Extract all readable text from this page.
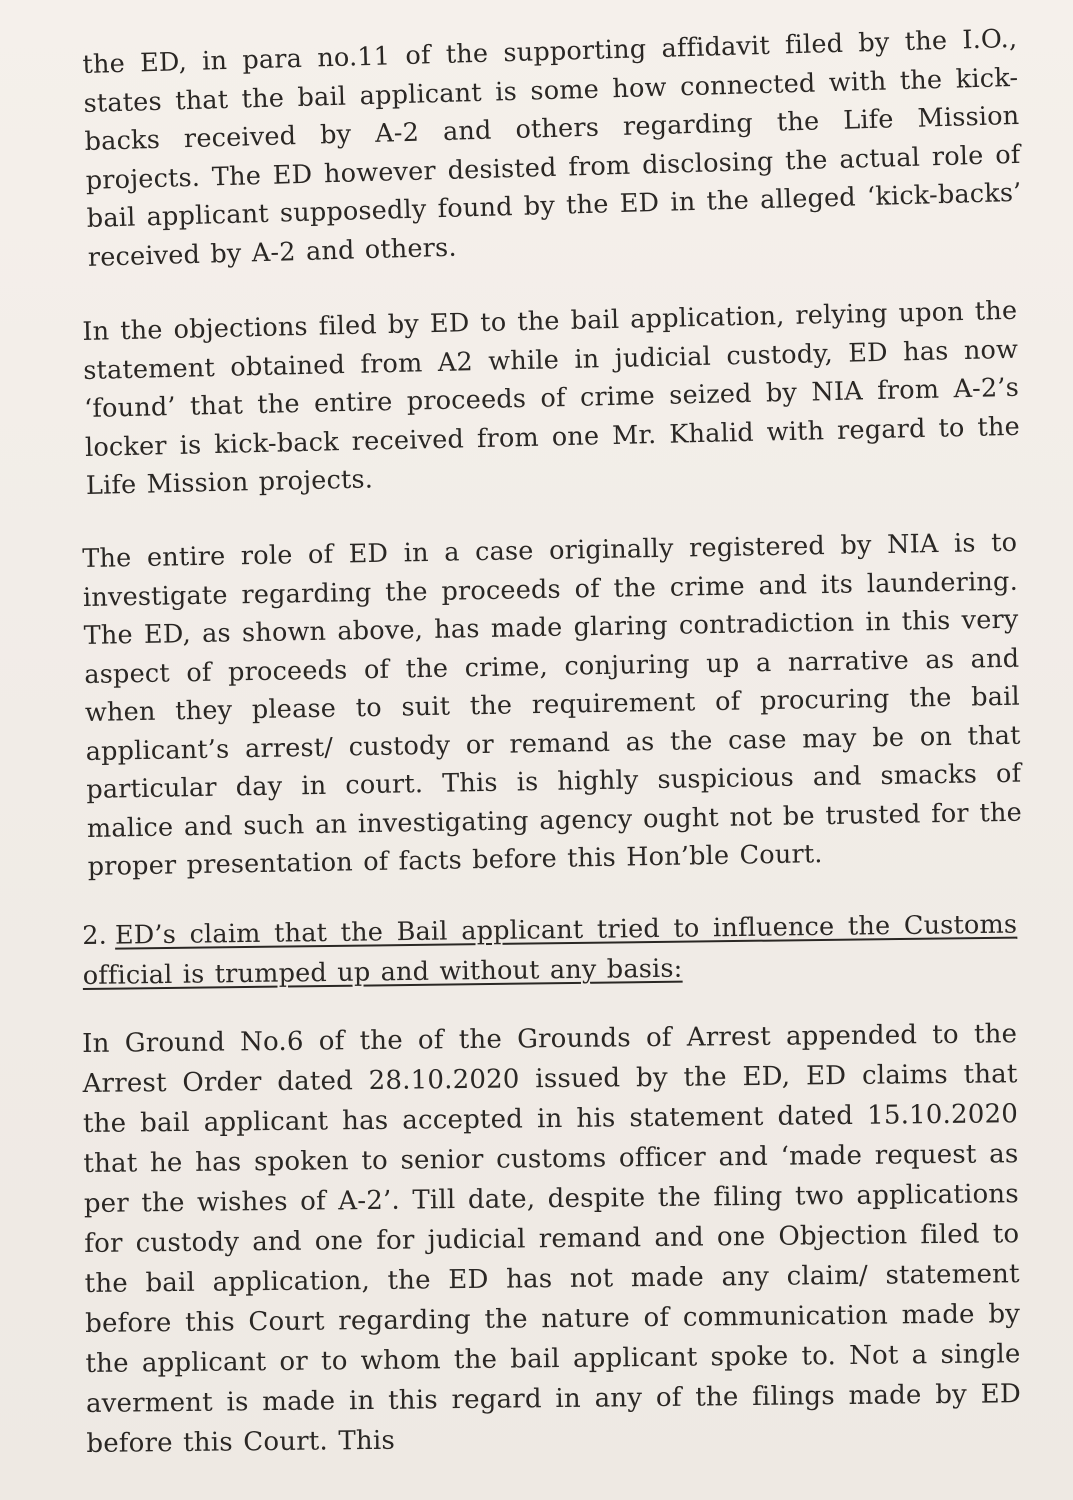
the ED, in para no.11 of the supporting affidavit filed by the I.O., states that the bail applicant is some how connected with the kick-backs received by A-2 and others regarding the Life Mission projects. The ED however desisted from disclosing the actual role of bail applicant supposedly found by the ED in the alleged ‘kick-backs’ received by A-2 and others.

In the objections filed by ED to the bail application, relying upon the statement obtained from A2 while in judicial custody, ED has now ‘found’ that the entire proceeds of crime seized by NIA from A-2’s locker is kick-back received from one Mr. Khalid with regard to the Life Mission projects.

The entire role of ED in a case originally registered by NIA is to investigate regarding the proceeds of the crime and its laundering. The ED, as shown above, has made glaring contradiction in this very aspect of proceeds of the crime, conjuring up a narrative as and when they please to suit the requirement of procuring the bail applicant’s arrest/ custody or remand as the case may be on that particular day in court. This is highly suspicious and smacks of malice and such an investigating agency ought not be trusted for the proper presentation of facts before this Hon’ble Court.

2. ED’s claim that the Bail applicant tried to influence the Customs official is trumped up and without any basis:

In Ground No.6 of the of the Grounds of Arrest appended to the Arrest Order dated 28.10.2020 issued by the ED, ED claims that the bail applicant has accepted in his statement dated 15.10.2020 that he has spoken to senior customs officer and ‘made request as per the wishes of A-2’. Till date, despite the filing two applications for custody and one for judicial remand and one Objection filed to the bail application, the ED has not made any claim/ statement before this Court regarding the nature of communication made by the applicant or to whom the bail applicant spoke to. Not a single averment is made in this regard in any of the filings made by ED before this Court. This
